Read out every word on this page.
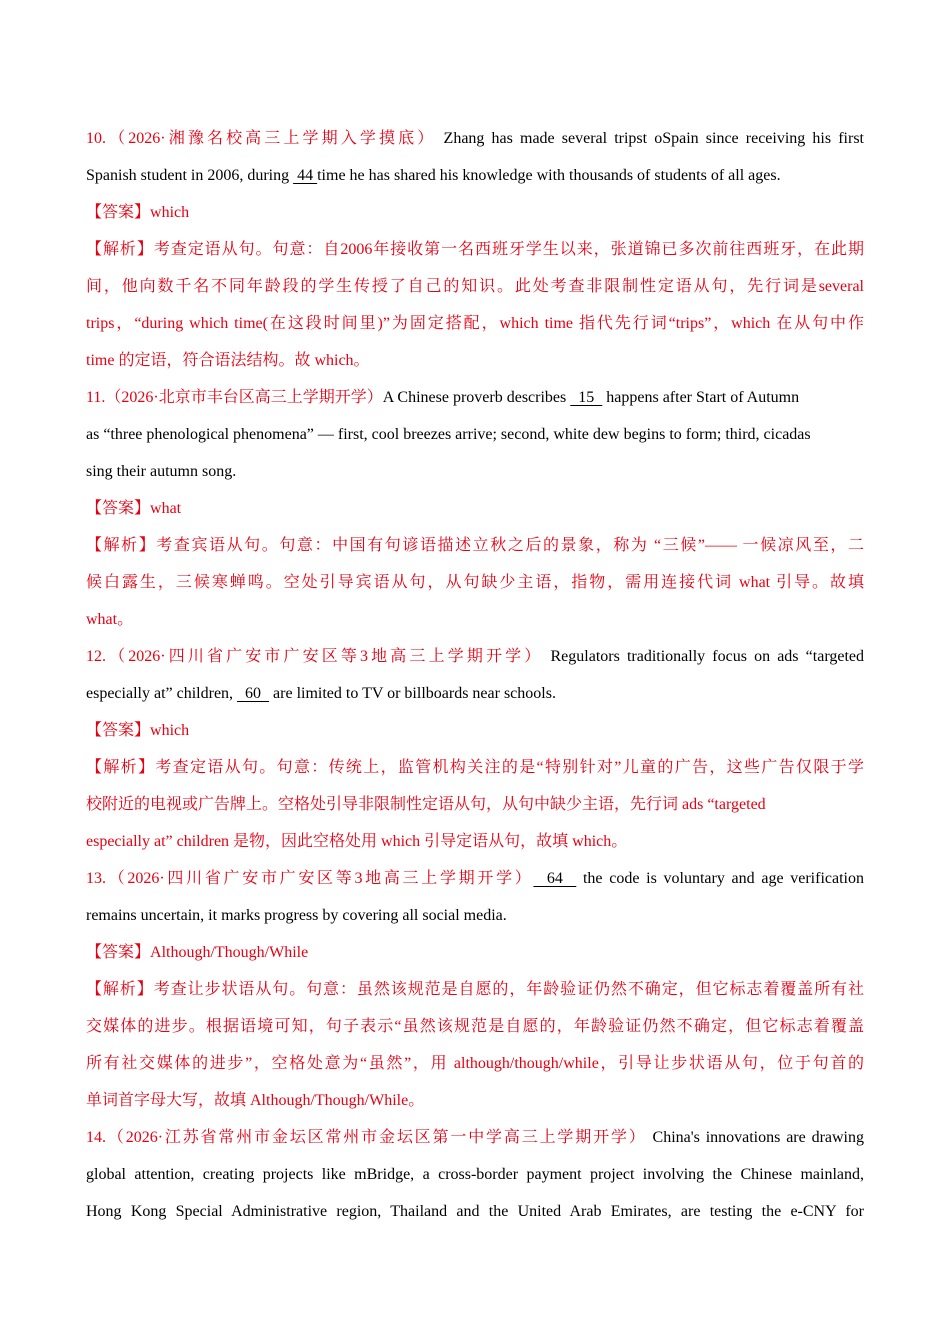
10.（2026·湘豫名校高三上学期入学摸底） Zhang has made several tripst oSpain since receiving his first
Spanish student in 2006, during  44 time he has shared his knowledge with thousands of students of all ages.
【答案】which
【解析】考查定语从句。句意：自2006年接收第一名西班牙学生以来，张道锦已多次前往西班牙，在此期
间，他向数千名不同年龄段的学生传授了自己的知识。此处考查非限制性定语从句，先行词是several
trips，“during which time(在这段时间里)”为固定搭配，which time 指代先行词“trips”，which 在从句中作
time 的定语，符合语法结构。故 which。
11.（2026·北京市丰台区高三上学期开学）A Chinese proverb describes   15   happens after Start of Autumn
as “three phenological phenomena” — first, cool breezes arrive; second, white dew begins to form; third, cicadas
sing their autumn song.
【答案】what
【解析】考查宾语从句。句意：中国有句谚语描述立秋之后的景象，称为 “三候”—— 一候凉风至，二
候白露生，三候寒蝉鸣。空处引导宾语从句，从句缺少主语，指物，需用连接代词 what 引导。故填
what。
12.（2026·四川省广安市广安区等3地高三上学期开学） Regulators traditionally focus on ads “targeted
especially at” children,   60   are limited to TV or billboards near schools.
【答案】which
【解析】考查定语从句。句意：传统上，监管机构关注的是“特别针对”儿童的广告，这些广告仅限于学
校附近的电视或广告牌上。空格处引导非限制性定语从句，从句中缺少主语，先行词 ads “targeted
especially at” children 是物，因此空格处用 which 引导定语从句，故填 which。
13.（2026·四川省广安市广安区等3地高三上学期开学）  64   the code is voluntary and age verification
remains uncertain, it marks progress by covering all social media.
【答案】Although/Though/While
【解析】考查让步状语从句。句意：虽然该规范是自愿的，年龄验证仍然不确定，但它标志着覆盖所有社
交媒体的进步。根据语境可知，句子表示“虽然该规范是自愿的，年龄验证仍然不确定，但它标志着覆盖
所有社交媒体的进步”，空格处意为“虽然”，用 although/though/while，引导让步状语从句，位于句首的
单词首字母大写，故填 Although/Though/While。
14.（2026·江苏省常州市金坛区常州市金坛区第一中学高三上学期开学） China's innovations are drawing
global attention, creating projects like mBridge, a cross-border payment project involving the Chinese mainland,
Hong Kong Special Administrative region, Thailand and the United Arab Emirates, are testing the e-CNY for
